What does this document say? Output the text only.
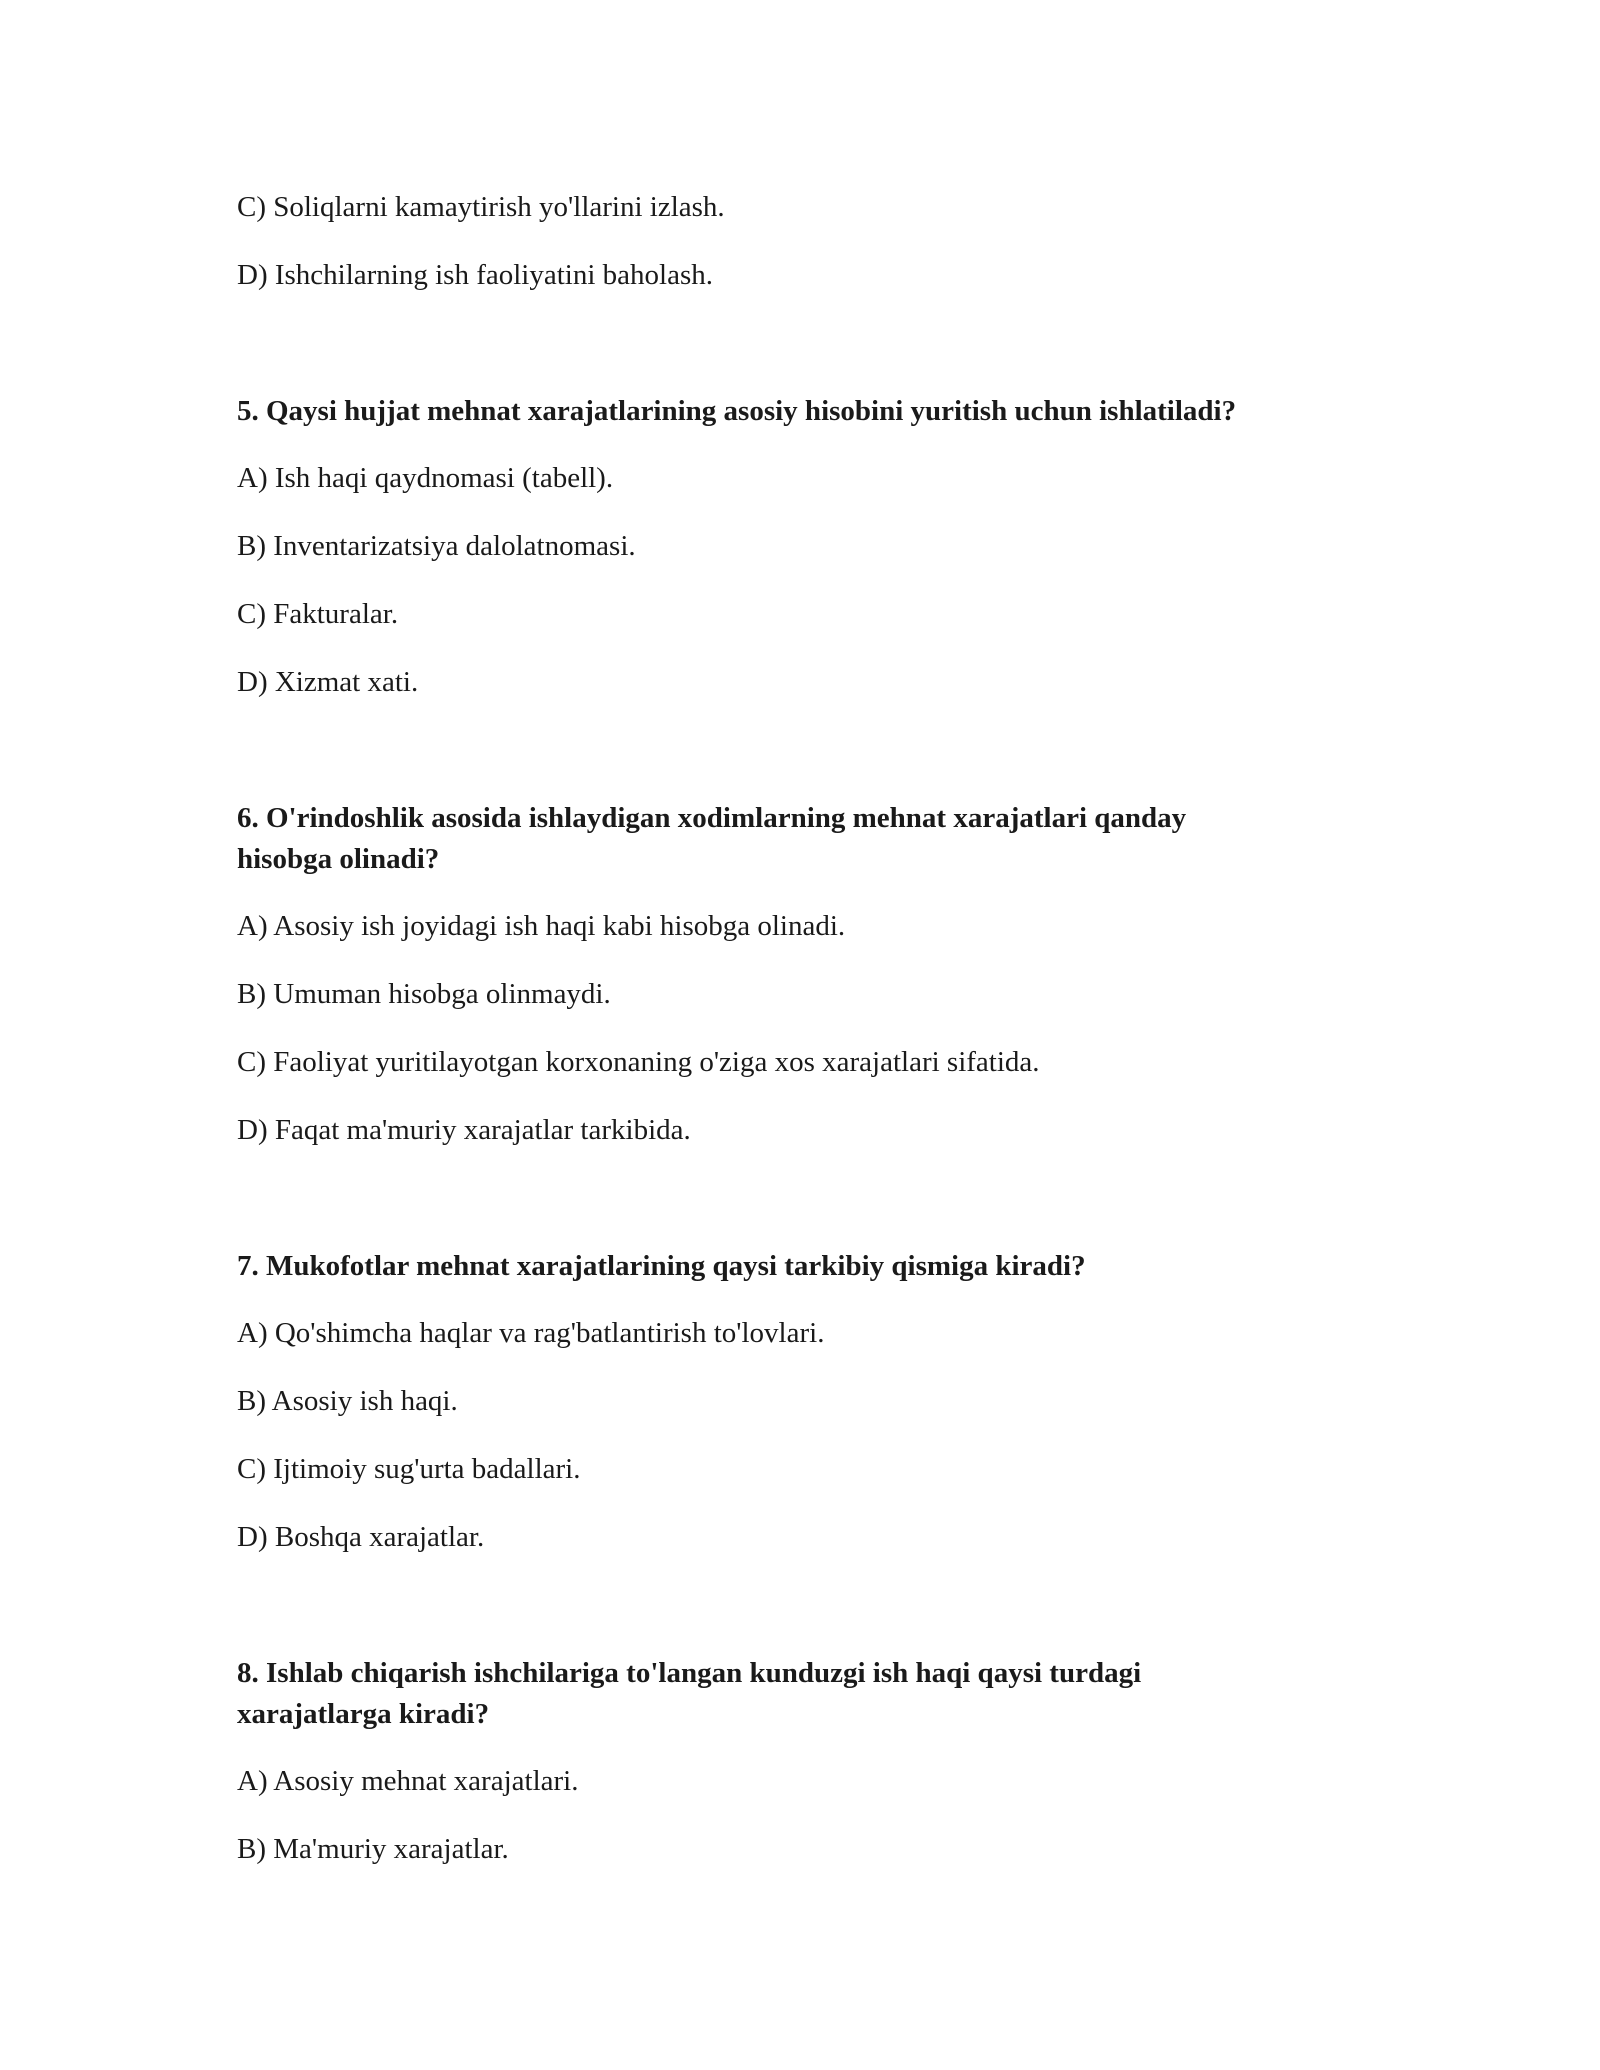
C) Soliqlarni kamaytirish yo'llarini izlash.
D) Ishchilarning ish faoliyatini baholash.
5. Qaysi hujjat mehnat xarajatlarining asosiy hisobini yuritish uchun ishlatiladi?
A) Ish haqi qaydnomasi (tabell).
B) Inventarizatsiya dalolatnomasi.
C) Fakturalar.
D) Xizmat xati.
6. O'rindoshlik asosida ishlaydigan xodimlarning mehnat xarajatlari qanday
hisobga olinadi?
A) Asosiy ish joyidagi ish haqi kabi hisobga olinadi.
B) Umuman hisobga olinmaydi.
C) Faoliyat yuritilayotgan korxonaning o'ziga xos xarajatlari sifatida.
D) Faqat ma'muriy xarajatlar tarkibida.
7. Mukofotlar mehnat xarajatlarining qaysi tarkibiy qismiga kiradi?
A) Qo'shimcha haqlar va rag'batlantirish to'lovlari.
B) Asosiy ish haqi.
C) Ijtimoiy sug'urta badallari.
D) Boshqa xarajatlar.
8. Ishlab chiqarish ishchilariga to'langan kunduzgi ish haqi qaysi turdagi
xarajatlarga kiradi?
A) Asosiy mehnat xarajatlari.
B) Ma'muriy xarajatlar.
